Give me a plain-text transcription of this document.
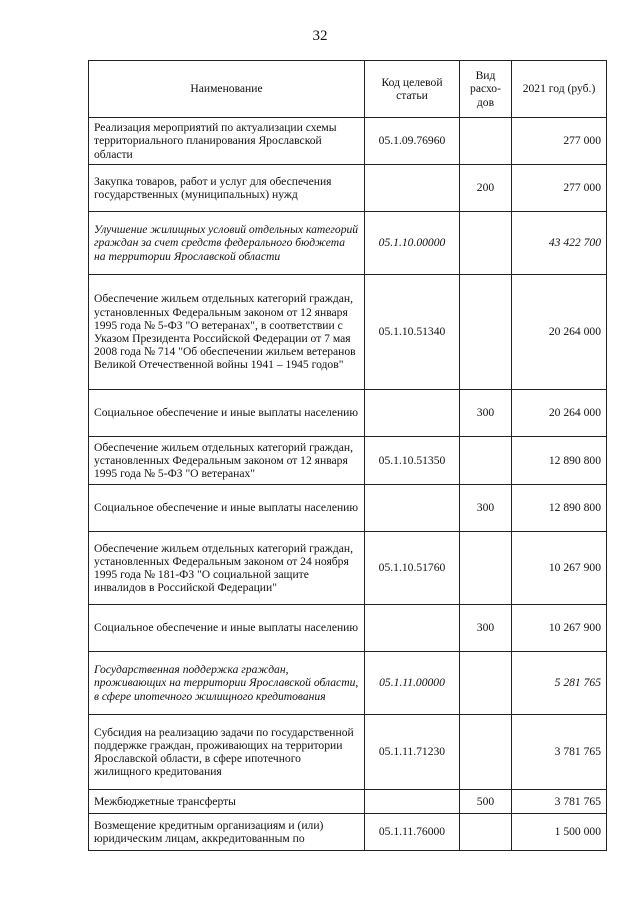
32
Наименование	Код целевой статьи	Вид расхо-дов	2021 год (руб.)
Реализация мероприятий по актуализации схемы территориального планирования Ярославской области	05.1.09.76960		277 000
Закупка товаров, работ и услуг для обеспечения государственных (муниципальных) нужд		200	277 000
Улучшение жилищных условий отдельных категорий граждан за счет средств федерального бюджета на территории Ярославской области	05.1.10.00000		43 422 700
Обеспечение жильем отдельных категорий граждан, установленных Федеральным законом от 12 января 1995 года № 5-ФЗ "О ветеранах", в соответствии с Указом Президента Российской Федерации от 7 мая 2008 года № 714 "Об обеспечении жильем ветеранов Великой Отечественной войны 1941 – 1945 годов"	05.1.10.51340		20 264 000
Социальное обеспечение и иные выплаты населению		300	20 264 000
Обеспечение жильем отдельных категорий граждан, установленных Федеральным законом от 12 января 1995 года № 5-ФЗ "О ветеранах"	05.1.10.51350		12 890 800
Социальное обеспечение и иные выплаты населению		300	12 890 800
Обеспечение жильем отдельных категорий граждан, установленных Федеральным законом от 24 ноября 1995 года № 181-ФЗ "О социальной защите инвалидов в Российской Федерации"	05.1.10.51760		10 267 900
Социальное обеспечение и иные выплаты населению		300	10 267 900
Государственная поддержка граждан, проживающих на территории Ярославской области, в сфере ипотечного жилищного кредитования	05.1.11.00000		5 281 765
Субсидия на реализацию задачи по государственной поддержке граждан, проживающих на территории Ярославской области, в сфере ипотечного жилищного кредитования	05.1.11.71230		3 781 765
Межбюджетные трансферты		500	3 781 765
Возмещение кредитным организациям и (или) юридическим лицам, аккредитованным по	05.1.11.76000		1 500 000
